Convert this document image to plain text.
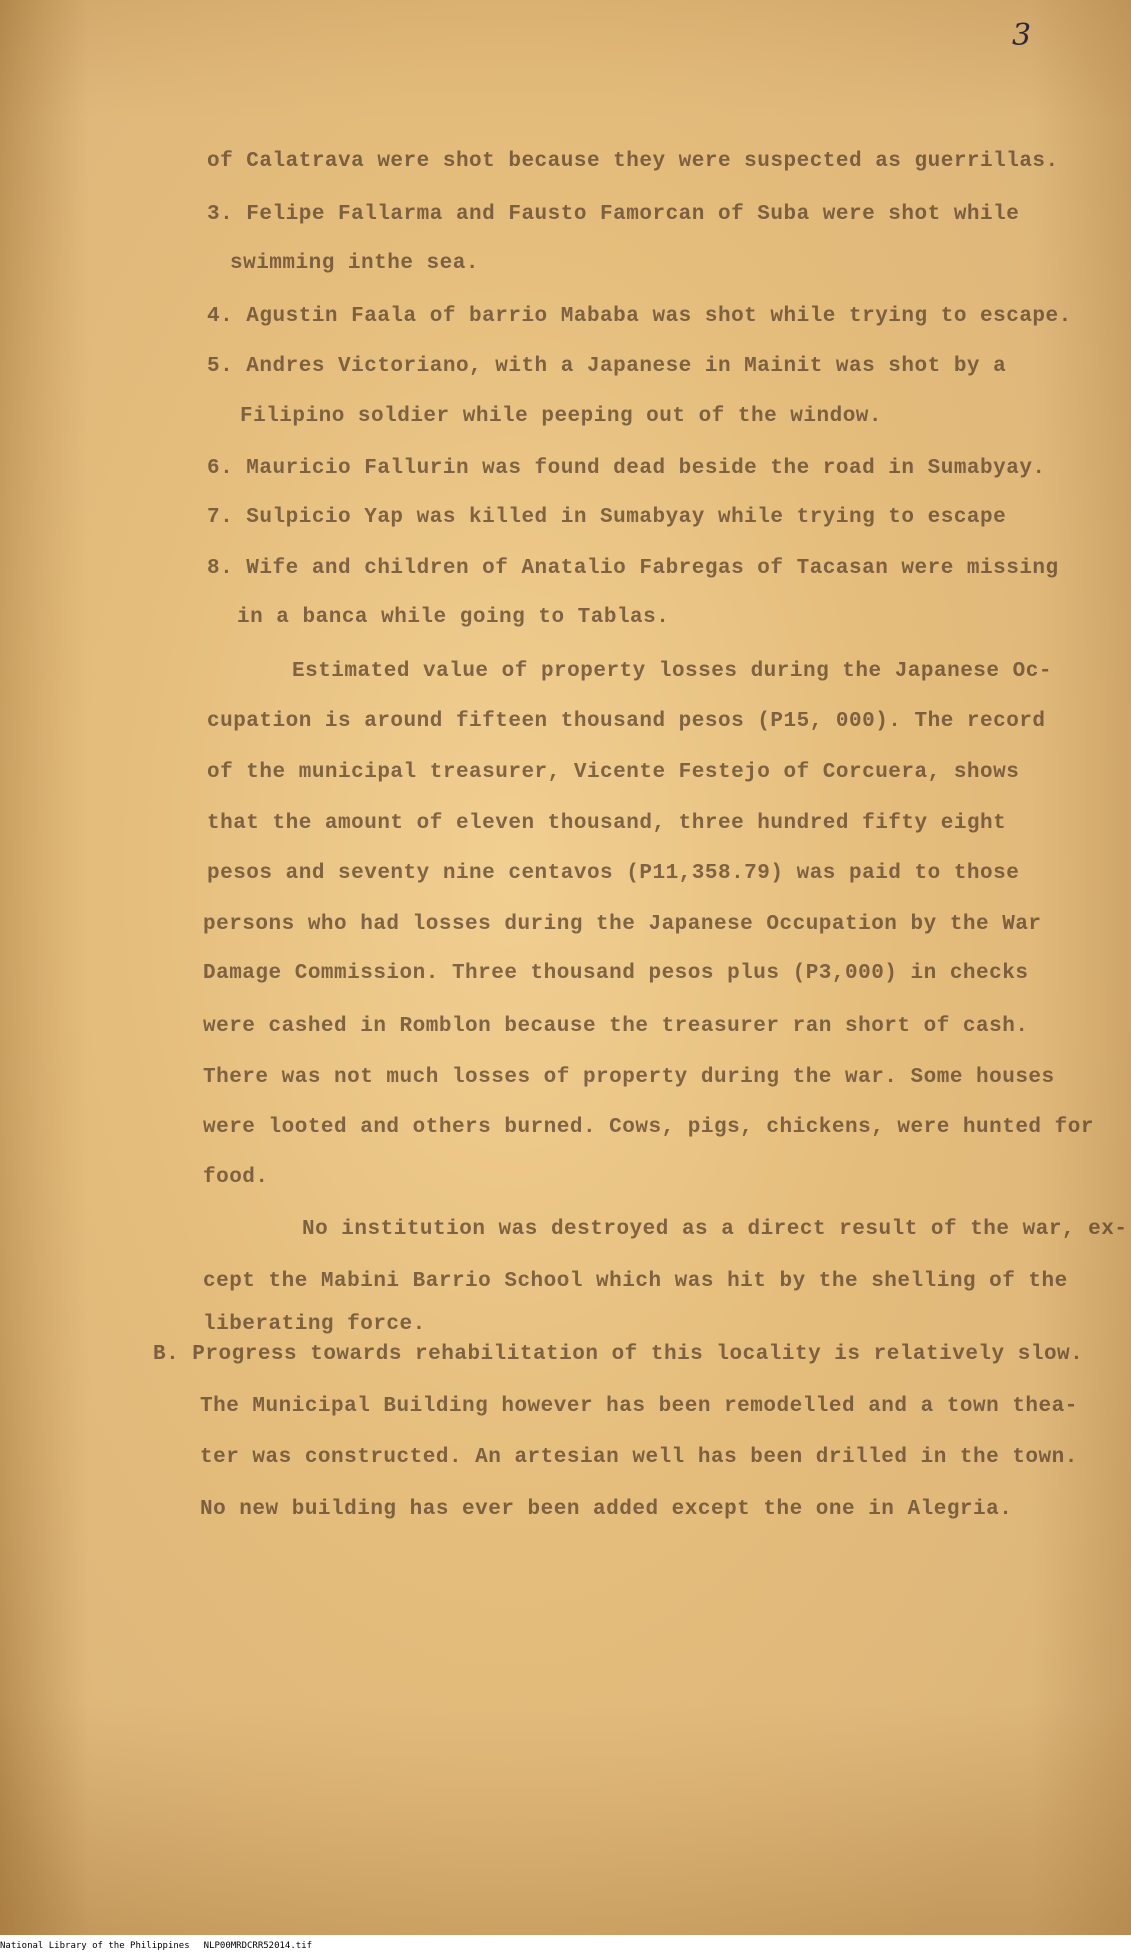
3
of Calatrava were shot because they were suspected as guerrillas.
3. Felipe Fallarma and Fausto Famorcan of Suba were shot while
swimming inthe sea.
4. Agustin Faala of barrio Mababa was shot while trying to escape.
5. Andres Victoriano, with a Japanese in Mainit was shot by a
Filipino soldier while peeping out of the window.
6. Mauricio Fallurin was found dead beside the road in Sumabyay.
7. Sulpicio Yap was killed in Sumabyay while trying to escape
8. Wife and children of Anatalio Fabregas of Tacasan were missing
in a banca while going to Tablas.
Estimated value of property losses during the Japanese Oc-
cupation is around fifteen thousand pesos (P15, 000). The record
of the municipal treasurer, Vicente Festejo of Corcuera, shows
that the amount of eleven thousand, three hundred fifty eight
pesos and seventy nine centavos (P11,358.79) was paid to those
persons who had losses during the Japanese Occupation by the War
Damage Commission. Three thousand pesos plus (P3,000) in checks
were cashed in Romblon because the treasurer ran short of cash.
There was not much losses of property during the war. Some houses
were looted and others burned. Cows, pigs, chickens, were hunted for
food.
No institution was destroyed as a direct result of the war, ex-
cept the Mabini Barrio School which was hit by the shelling of the
liberating force.
B. Progress towards rehabilitation of this locality is relatively slow.
The Municipal Building however has been remodelled and a town thea-
ter was constructed. An artesian well has been drilled in the town.
No new building has ever been added except the one in Alegria.
National Library of the Philippines NLP00MRDCRR52014.tif
